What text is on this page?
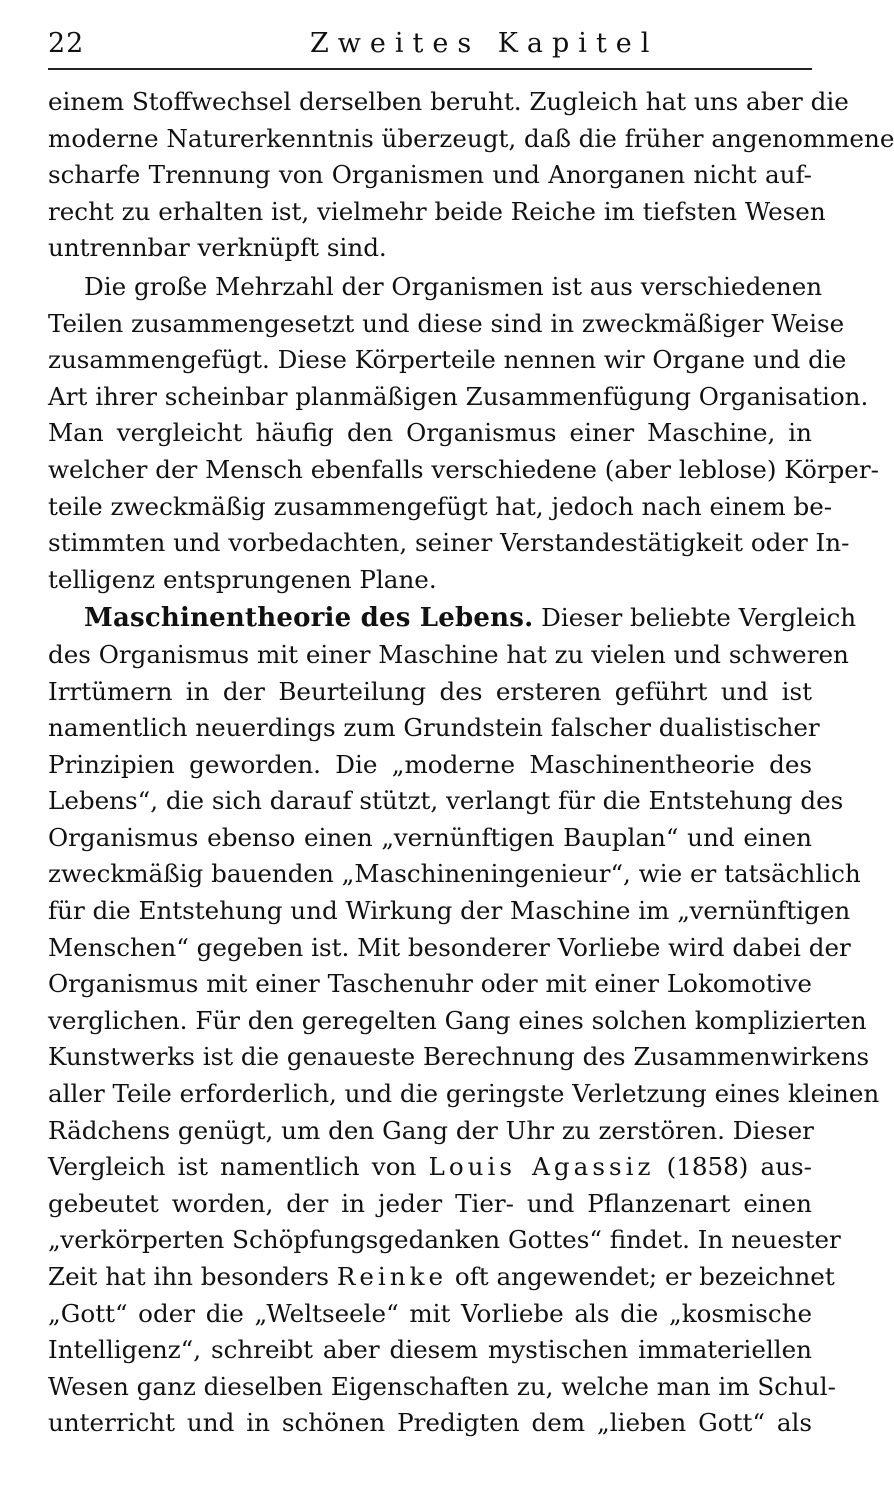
22	Zweites Kapitel
einem Stoffwechsel derselben beruht. Zugleich hat uns aber die
moderne Naturerkenntnis überzeugt, daß die früher angenommene
scharfe Trennung von Organismen und Anorganen nicht auf-
recht zu erhalten ist, vielmehr beide Reiche im tiefsten Wesen
untrennbar verknüpft sind.
Die große Mehrzahl der Organismen ist aus verschiedenen
Teilen zusammengesetzt und diese sind in zweckmäßiger Weise
zusammengefügt. Diese Körperteile nennen wir Organe und die
Art ihrer scheinbar planmäßigen Zusammenfügung Organisation.
Man vergleicht häufig den Organismus einer Maschine, in
welcher der Mensch ebenfalls verschiedene (aber leblose) Körper-
teile zweckmäßig zusammengefügt hat, jedoch nach einem be-
stimmten und vorbedachten, seiner Verstandestätigkeit oder In-
telligenz entsprungenen Plane.
Maschinentheorie des Lebens. Dieser beliebte Vergleich
des Organismus mit einer Maschine hat zu vielen und schweren
Irrtümern in der Beurteilung des ersteren geführt und ist
namentlich neuerdings zum Grundstein falscher dualistischer
Prinzipien geworden. Die „moderne Maschinentheorie des
Lebens“, die sich darauf stützt, verlangt für die Entstehung des
Organismus ebenso einen „vernünftigen Bauplan“ und einen
zweckmäßig bauenden „Maschineningenieur“, wie er tatsächlich
für die Entstehung und Wirkung der Maschine im „vernünftigen
Menschen“ gegeben ist. Mit besonderer Vorliebe wird dabei der
Organismus mit einer Taschenuhr oder mit einer Lokomotive
verglichen. Für den geregelten Gang eines solchen komplizierten
Kunstwerks ist die genaueste Berechnung des Zusammenwirkens
aller Teile erforderlich, und die geringste Verletzung eines kleinen
Rädchens genügt, um den Gang der Uhr zu zerstören. Dieser
Vergleich ist namentlich von Louis Agassiz (1858) aus-
gebeutet worden, der in jeder Tier- und Pflanzenart einen
„verkörperten Schöpfungsgedanken Gottes“ findet. In neuester
Zeit hat ihn besonders Reinke oft angewendet; er bezeichnet
„Gott“ oder die „Weltseele“ mit Vorliebe als die „kosmische
Intelligenz“, schreibt aber diesem mystischen immateriellen
Wesen ganz dieselben Eigenschaften zu, welche man im Schul-
unterricht und in schönen Predigten dem „lieben Gott“ als
